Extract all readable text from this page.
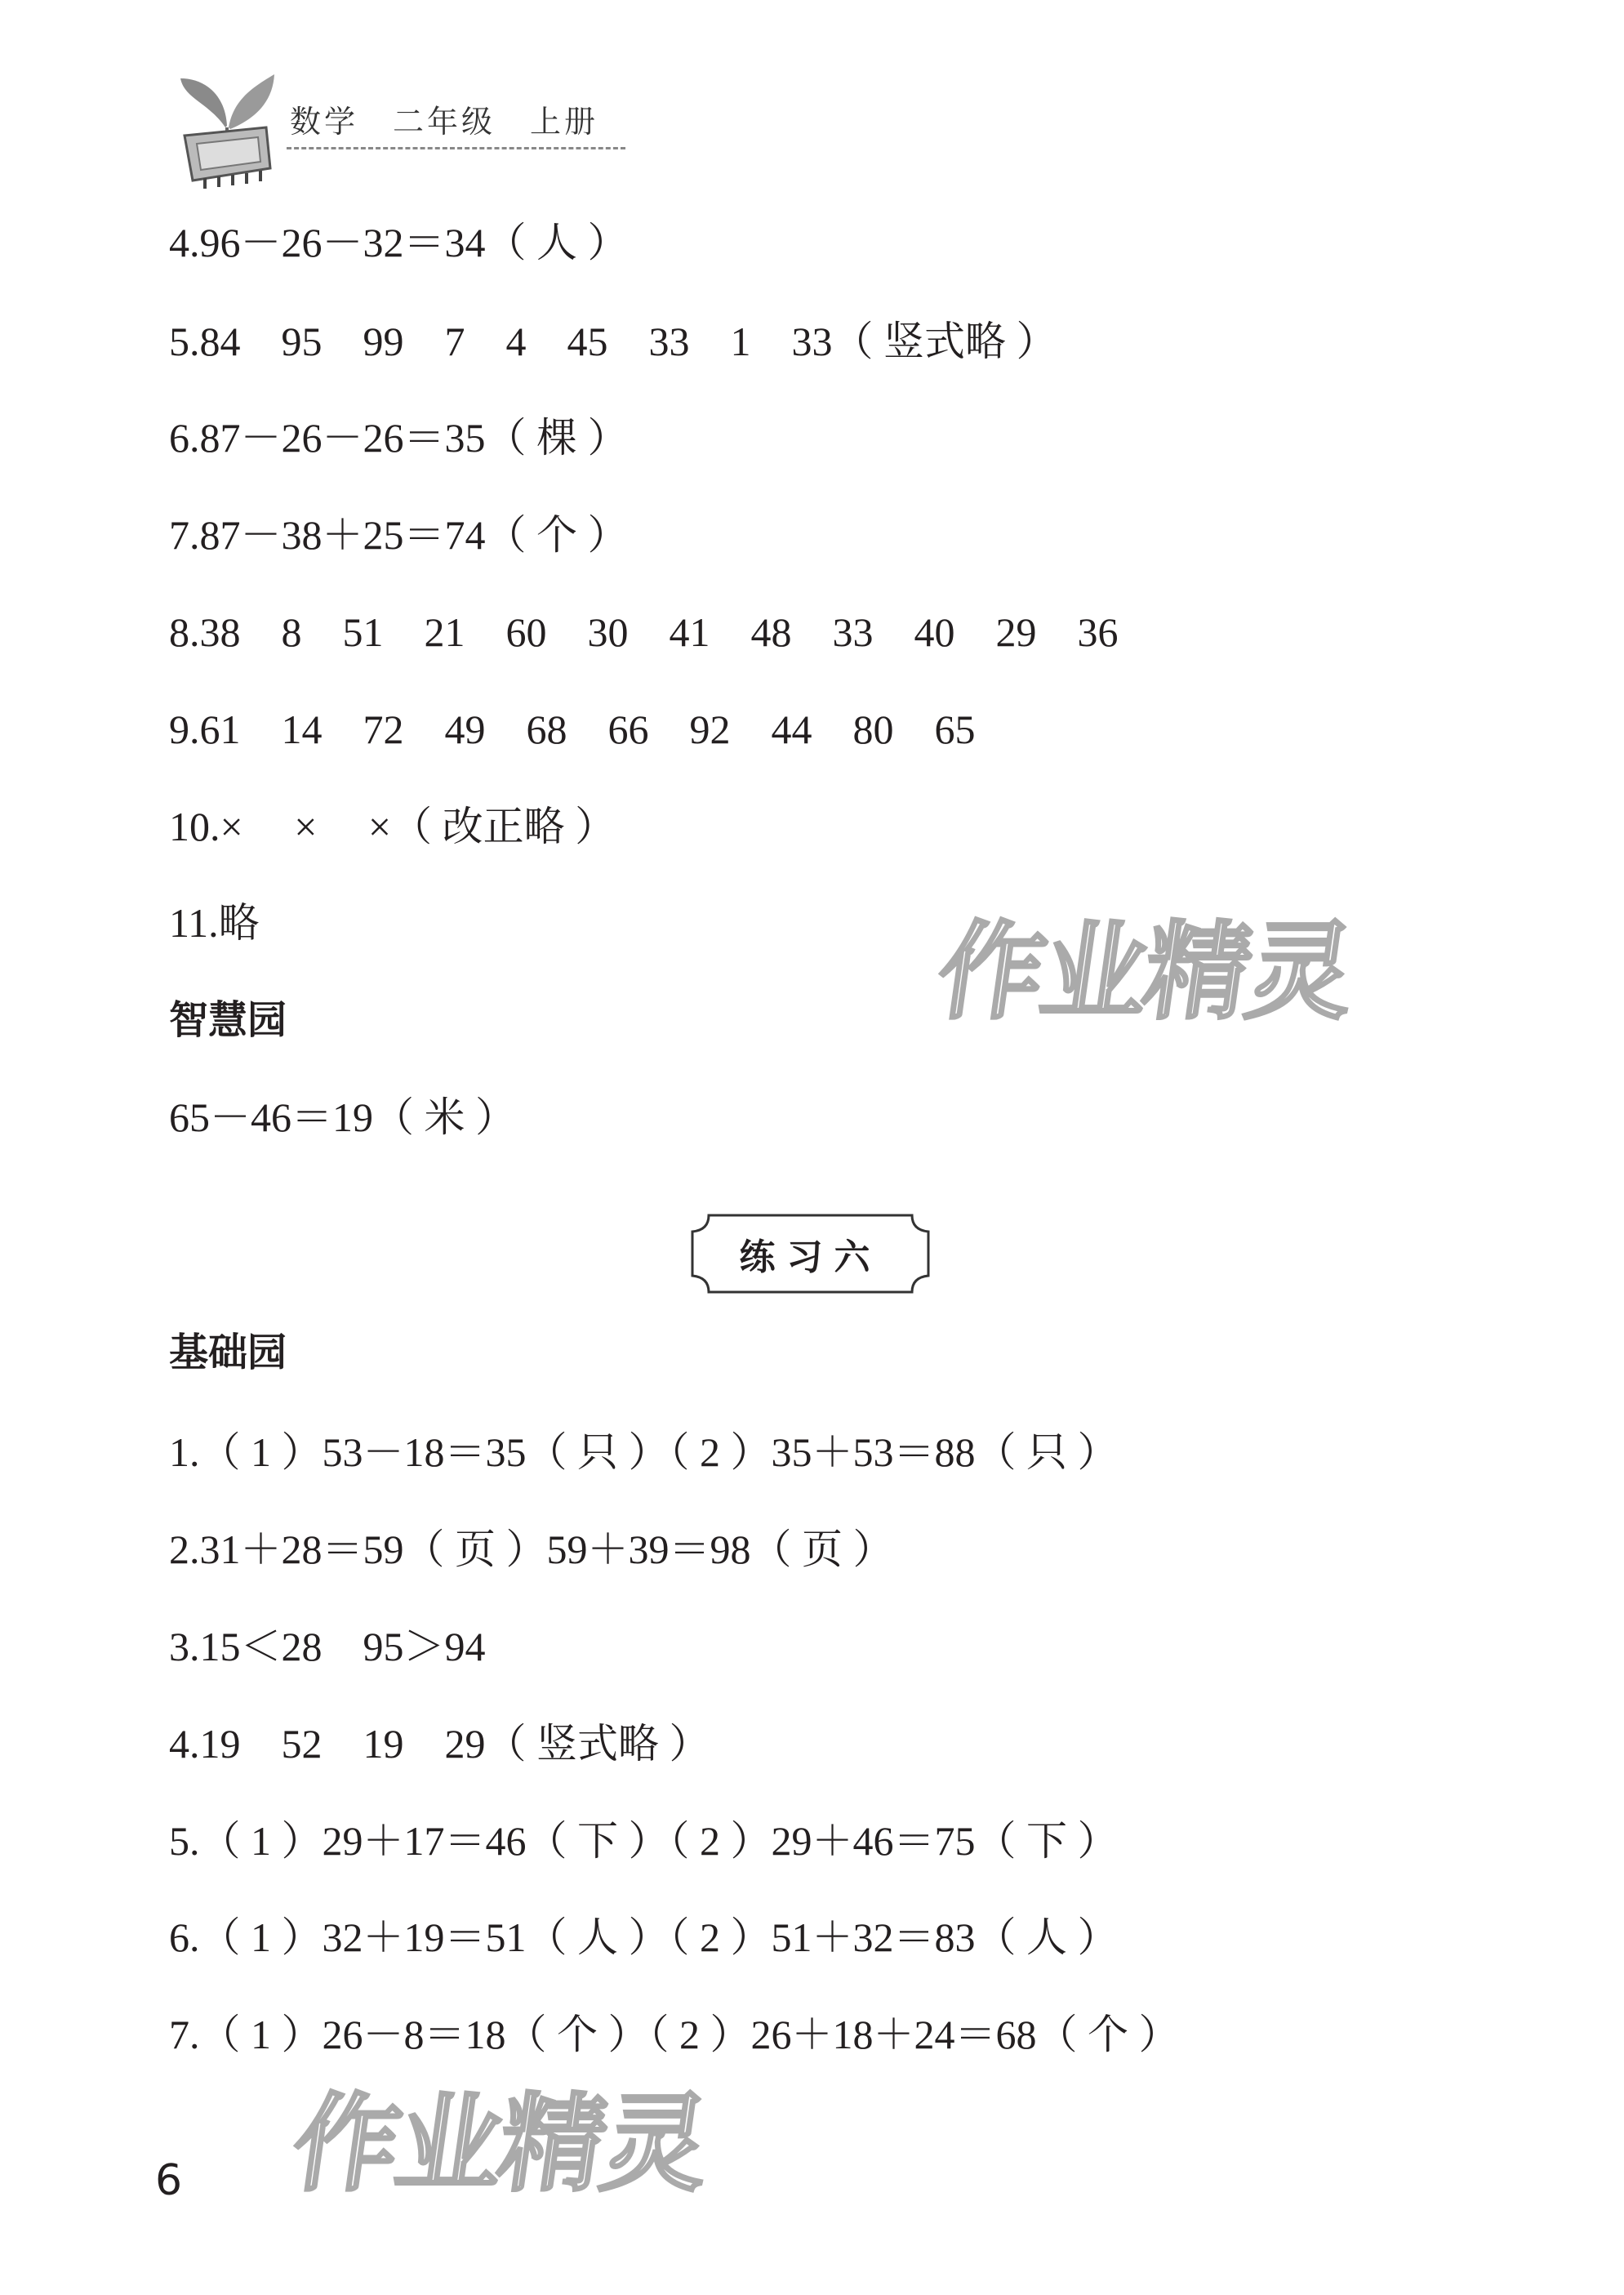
数学　二年级　上册
4.96－26－32＝34（ 人 ）
5.84　95　99　7　4　45　33　1　33（ 竖式略 ）
6.87－26－26＝35（ 棵 ）
7.87－38＋25＝74（ 个 ）
8.38　8　51　21　60　30　41　48　33　40　29　36
9.61　14　72　49　68　66　92　44　80　65
10.×　 ×　 ×（ 改正略 ）
11.略
智慧园
65－46＝19（ 米 ）
练习六
基础园
1.（ 1 ）53－18＝35（ 只 ）（ 2 ）35＋53＝88（ 只 ）
2.31＋28＝59（ 页 ）59＋39＝98（ 页 ）
3.15＜28　95＞94
4.19　52　19　29（ 竖式略 ）
5.（ 1 ）29＋17＝46（ 下 ）（ 2 ）29＋46＝75（ 下 ）
6.（ 1 ）32＋19＝51（ 人 ）（ 2 ）51＋32＝83（ 人 ）
7.（ 1 ）26－8＝18（ 个 ）（ 2 ）26＋18＋24＝68（ 个 ）
作业精灵
作业精灵
6
